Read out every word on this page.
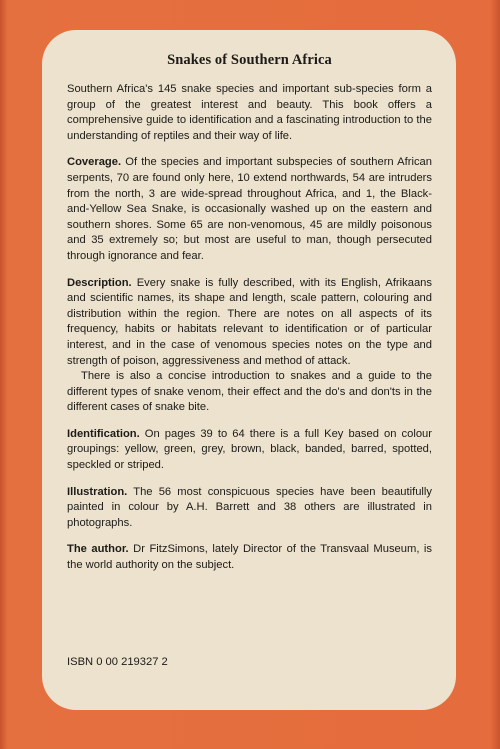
Snakes of Southern Africa

Southern Africa's 145 snake species and important sub-species form a group of the greatest interest and beauty. This book offers a comprehensive guide to identification and a fascinating introduction to the understanding of reptiles and their way of life.

Coverage. Of the species and important subspecies of southern African serpents, 70 are found only here, 10 extend northwards, 54 are intruders from the north, 3 are wide-spread throughout Africa, and 1, the Black-and-Yellow Sea Snake, is occasionally washed up on the eastern and southern shores. Some 65 are non-venomous, 45 are mildly poisonous and 35 extremely so; but most are useful to man, though persecuted through ignorance and fear.

Description. Every snake is fully described, with its English, Afrikaans and scientific names, its shape and length, scale pattern, colouring and distribution within the region. There are notes on all aspects of its frequency, habits or habitats relevant to identification or of particular interest, and in the case of venomous species notes on the type and strength of poison, aggressiveness and method of attack.

There is also a concise introduction to snakes and a guide to the different types of snake venom, their effect and the do's and don'ts in the different cases of snake bite.

Identification. On pages 39 to 64 there is a full Key based on colour groupings: yellow, green, grey, brown, black, banded, barred, spotted, speckled or striped.

Illustration. The 56 most conspicuous species have been beautifully painted in colour by A.H. Barrett and 38 others are illustrated in photographs.

The author. Dr FitzSimons, lately Director of the Transvaal Museum, is the world authority on the subject.

ISBN 0 00 219327 2
